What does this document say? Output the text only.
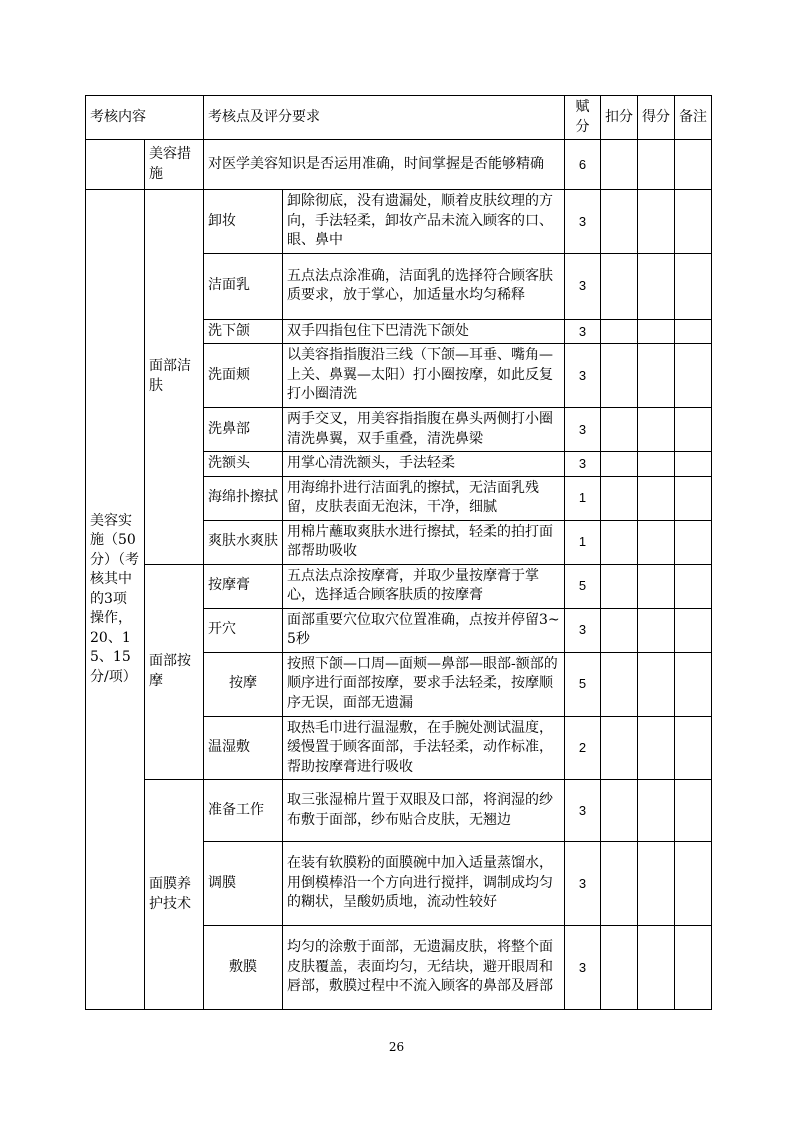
考核内容		考核点及评分要求		赋分	扣分	得分	备注
	美容措施	对医学美容知识是否运用准确，时间掌握是否能够精确		6			
美容实施（50分）（考核其中的3项操作，20、15、15分/项）	面部洁肤	卸妆	卸除彻底，没有遗漏处，顺着皮肤纹理的方向，手法轻柔，卸妆产品未流入顾客的口、眼、鼻中	3			
		洁面乳	五点法点涂准确，洁面乳的选择符合顾客肤质要求，放于掌心，加适量水均匀稀释	3			
		洗下颌	双手四指包住下巴清洗下颌处	3			
		洗面颊	以美容指指腹沿三线（下颌—耳垂、嘴角—上关、鼻翼—太阳）打小圈按摩，如此反复打小圈清洗	3			
		洗鼻部	两手交叉，用美容指指腹在鼻头两侧打小圈清洗鼻翼，双手重叠，清洗鼻梁	3			
		洗额头	用掌心清洗额头，手法轻柔	3			
		海绵扑擦拭	用海绵扑进行洁面乳的擦拭，无洁面乳残留，皮肤表面无泡沫，干净，细腻	1			
		爽肤水爽肤	用棉片蘸取爽肤水进行擦拭，轻柔的拍打面部帮助吸收	1			
	面部按摩	按摩膏	五点法点涂按摩膏，并取少量按摩膏于掌心，选择适合顾客肤质的按摩膏	5			
		开穴	面部重要穴位取穴位置准确，点按并停留3~5秒	3			
		按摩	按照下颌—口周—面颊—鼻部—眼部-额部的顺序进行面部按摩，要求手法轻柔，按摩顺序无误，面部无遗漏	5			
		温湿敷	取热毛巾进行温湿敷，在手腕处测试温度，缓慢置于顾客面部，手法轻柔，动作标准，帮助按摩膏进行吸收	2			
	面膜养护技术	准备工作	取三张湿棉片置于双眼及口部，将润湿的纱布敷于面部，纱布贴合皮肤，无翘边	3			
		调膜	在装有软膜粉的面膜碗中加入适量蒸馏水，用倒模棒沿一个方向进行搅拌，调制成均匀的糊状，呈酸奶质地，流动性较好	3			
		敷膜	均匀的涂敷于面部，无遗漏皮肤，将整个面皮肤覆盖，表面均匀，无结块，避开眼周和唇部，敷膜过程中不流入顾客的鼻部及唇部	3			
26
